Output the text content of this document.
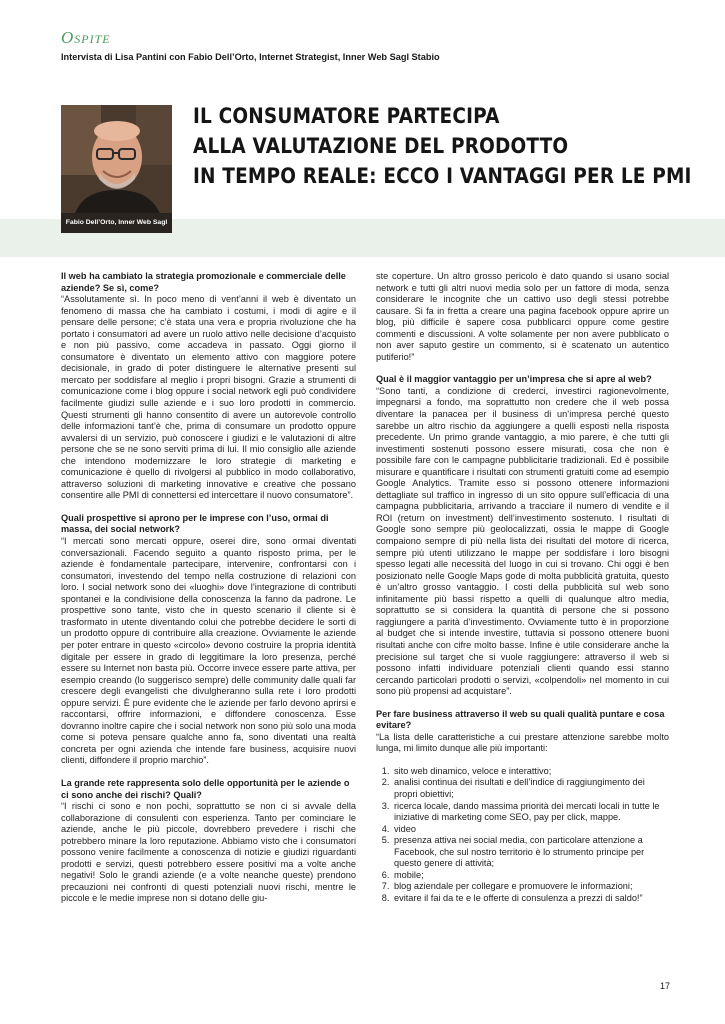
Ospite
Intervista di Lisa Pantini con Fabio Dell’Orto, Internet Strategist, Inner Web Sagl Stabio
Fabio Dell’Orto, Inner Web Sagl
IL CONSUMATORE PARTECIPA
ALLA VALUTAZIONE DEL PRODOTTO
IN TEMPO REALE: ECCO I VANTAGGI PER LE PMI
Il web ha cambiato la strategia promozionale e commerciale delle aziende? Se sì, come?
“Assolutamente sì. In poco meno di vent’anni il web è diventato un fenomeno di massa che ha cambiato i costumi, i modi di agire e il pensare delle persone; c’è stata una vera e propria rivoluzione che ha portato i consumatori ad avere un ruolo attivo nelle decisione d’acquisto e non più passivo, come accadeva in passato. Oggi giorno il consumatore è diventato un elemento attivo con maggiore potere decisionale, in grado di poter distinguere le alternative presenti sul mercato per soddisfare al meglio i propri bisogni. Grazie a strumenti di comunicazione come i blog oppure i social network egli può condividere facilmente giudizi sulle aziende e i suo loro prodotti in commercio. Questi strumenti gli hanno consentito di avere un autorevole controllo delle informazioni tant’è che, prima di consumare un prodotto oppure avvalersi di un servizio, può conoscere i giudizi e le valutazioni di altre persone che se ne sono serviti prima di lui. Il mio consiglio alle aziende che intendono modernizzare le loro strategie di marketing e comunicazione è quello di rivolgersi al pubblico in modo collaborativo, attraverso soluzioni di marketing innovative e creative che possano consentire alle PMI di connettersi ed intercettare il nuovo consumatore”.
Quali prospettive si aprono per le imprese con l’uso, ormai di massa, dei social network?
“I mercati sono mercati oppure, oserei dire, sono ormai diventati conversazionali. Facendo seguito a quanto risposto prima, per le aziende è fondamentale partecipare, intervenire, confrontarsi con i consumatori, investendo del tempo nella costruzione di relazioni con loro. I social network sono dei «luoghi» dove l’integrazione di contributi spontanei e la condivisione della conoscenza la fanno da padrone. Le prospettive sono tante, visto che in questo scenario il cliente si è trasformato in utente diventando colui che potrebbe decidere le sorti di un prodotto oppure di contribuire alla creazione. Ovviamente le aziende per poter entrare in questo «circolo» devono costruire la propria identità digitale per essere in grado di leggitimare la loro presenza, perché essere su Internet non basta più. Occorre invece essere parte attiva, per esempio creando (lo suggerisco sempre) delle community dalle quali far crescere degli evangelisti che divulgheranno sulla rete i loro prodotti oppure servizi. È pure evidente che le aziende per farlo devono aprirsi e raccontarsi, offrire informazioni, e diffondere conoscenza. Esse dovranno inoltre capire che i social network non sono più solo una moda come si poteva pensare qualche anno fa, sono diventati una realtà concreta per ogni azienda che intende fare business, acquisire nuovi clienti, diffondere il proprio marchio”.
La grande rete rappresenta solo delle opportunità per le aziende o ci sono anche dei rischi? Quali?
“I rischi ci sono e non pochi, soprattutto se non ci si avvale della collaborazione di consulenti con esperienza. Tanto per cominciare le aziende, anche le più piccole, dovrebbero prevedere i rischi che potrebbero minare la loro reputazione. Abbiamo visto che i consumatori possono venire facilmente a conoscenza di notizie e giudizi riguardanti prodotti e servizi, questi potrebbero essere positivi ma a volte anche negativi! Solo le grandi aziende (e a volte neanche queste) prendono precauzioni nei confronti di questi potenziali nuovi rischi, mentre le piccole e le medie imprese non si dotano delle giu-
ste coperture. Un altro grosso pericolo è dato quando si usano social network e tutti gli altri nuovi media solo per un fattore di moda, senza considerare le incognite che un cattivo uso degli stessi potrebbe causare. Si fa in fretta a creare una pagina facebook oppure aprire un blog, più difficile è sapere cosa pubblicarci oppure come gestire commenti e discussioni. A volte solamente per non avere pubblicato o non aver saputo gestire un commento, si è scatenato un autentico putiferio!”
Qual è il maggior vantaggio per un’impresa che si apre al web?
“Sono tanti, a condizione di crederci, investirci ragionevolmente, impegnarsi a fondo, ma soprattutto non credere che il web possa diventare la panacea per il business di un’impresa perché questo sarebbe un altro rischio da aggiungere a quelli esposti nella risposta precedente. Un primo grande vantaggio, a mio parere, è che tutti gli investimenti sostenuti possono essere misurati, cosa che non è possibile fare con le campagne pubblicitarie tradizionali. Ed è possibile misurare e quantificare i risultati con strumenti gratuiti come ad esempio Google Analytics. Tramite esso si possono ottenere informazioni dettagliate sul traffico in ingresso di un sito oppure sull’efficacia di una campagna pubblicitaria, arrivando a tracciare il numero di vendite e il ROI (return on investment) dell’investimento sostenuto. I risultati di Google sono sempre più geolocalizzati, ossia le mappe di Google compaiono sempre di più nella lista dei risultati del motore di ricerca, sempre più utenti utilizzano le mappe per soddisfare i loro bisogni spesso legati alle necessità del luogo in cui si trovano. Chi oggi è ben posizionato nelle Google Maps gode di molta pubblicità gratuita, questo è un’altro grosso vantaggio. I costi della pubblicità sul web sono infinitamente più bassi rispetto a quelli di qualunque altro media, soprattutto se si considera la quantità di persone che si possono raggiungere a parità d’investimento. Ovviamente tutto è in proporzione al budget che si intende investire, tuttavia si possono ottenere buoni risultati anche con cifre molto basse. Infine è utile considerare anche la precisione sul target che si vuole raggiungere: attraverso il web si possono infatti individuare potenziali clienti quando essi stanno cercando particolari prodotti o servizi, «colpendoli» nel momento in cui sono più propensi ad acquistare”.
Per fare business attraverso il web su quali qualità puntare e cosa evitare?
“La lista delle caratteristiche a cui prestare attenzione sarebbe molto lunga, mi limito dunque alle più importanti:
1. sito web dinamico, veloce e interattivo;
2. analisi continua dei risultati e dell’indice di raggiungimento dei propri obiettivi;
3. ricerca locale, dando massima priorità dei mercati locali in tutte le iniziative di marketing come SEO, pay per click, mappe.
4. video
5. presenza attiva nei social media, con particolare attenzione a Facebook, che sul nostro territorio è lo strumento principe per questo genere di attività;
6. mobile;
7. blog aziendale per collegare e promuovere le informazioni;
8. evitare il fai da te e le offerte di consulenza a prezzi di saldo!”
17
